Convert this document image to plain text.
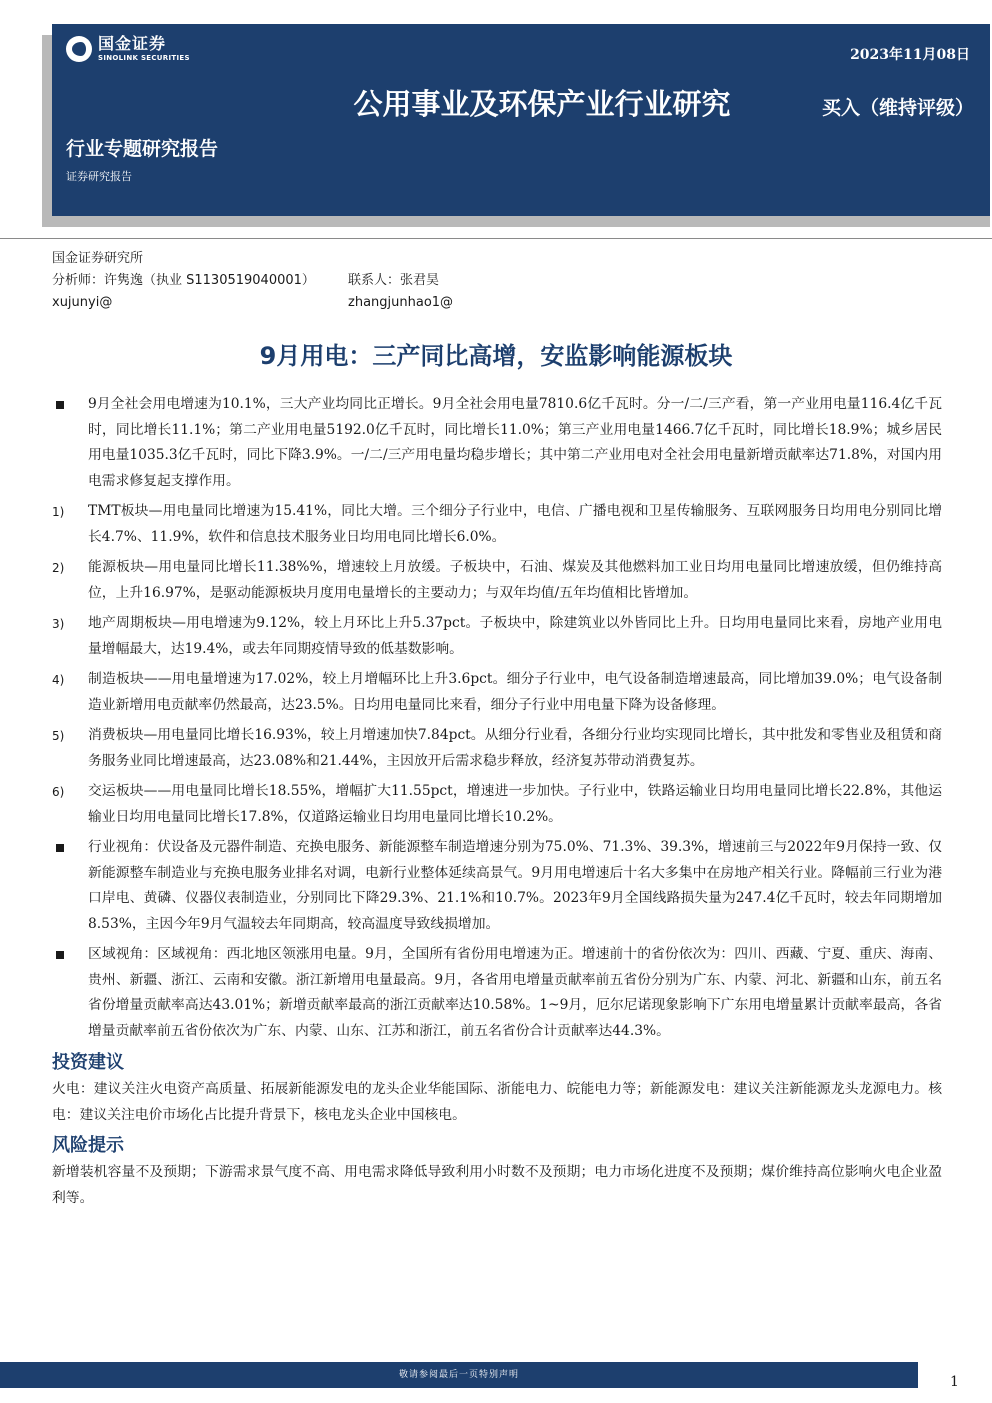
国金证券
SINOLINK SECURITIES
公用事业及环保产业行业研究
行业专题研究报告
证券研究报告
2023年11月08日
买入（维持评级）
国金证券研究所
分析师：许隽逸（执业 S1130519040001）	联系人：张君昊
xujunyi@	zhangjunhao1@
9月用电：三产同比高增，安监影响能源板块
9月全社会用电增速为10.1%，三大产业均同比正增长。9月全社会用电量7810.6亿千瓦时。分一/二/三产看，第一产业用电量116.4亿千瓦时，同比增长11.1%；第二产业用电量5192.0亿千瓦时，同比增长11.0%；第三产业用电量1466.7亿千瓦时，同比增长18.9%；城乡居民用电量1035.3亿千瓦时，同比下降3.9%。一/二/三产用电量均稳步增长；其中第二产业用电对全社会用电量新增贡献率达71.8%，对国内用电需求修复起支撑作用。
1)	TMT板块—用电量同比增速为15.41%，同比大增。三个细分子行业中，电信、广播电视和卫星传输服务、互联网服务日均用电分别同比增长4.7%、11.9%，软件和信息技术服务业日均用电同比增长6.0%。
2)	能源板块—用电量同比增长11.38%%，增速较上月放缓。子板块中，石油、煤炭及其他燃料加工业日均用电量同比增速放缓，但仍维持高位，上升16.97%，是驱动能源板块月度用电量增长的主要动力；与双年均值/五年均值相比皆增加。
3)	地产周期板块—用电增速为9.12%，较上月环比上升5.37pct。子板块中，除建筑业以外皆同比上升。日均用电量同比来看，房地产业用电量增幅最大，达19.4%，或去年同期疫情导致的低基数影响。
4)	制造板块——用电量增速为17.02%，较上月增幅环比上升3.6pct。细分子行业中，电气设备制造增速最高，同比增加39.0%；电气设备制造业新增用电贡献率仍然最高，达23.5%。日均用电量同比来看，细分子行业中用电量下降为设备修理。
5)	消费板块—用电量同比增长16.93%，较上月增速加快7.84pct。从细分行业看，各细分行业均实现同比增长，其中批发和零售业及租赁和商务服务业同比增速最高，达23.08%和21.44%，主因放开后需求稳步释放，经济复苏带动消费复苏。
6)	交运板块——用电量同比增长18.55%，增幅扩大11.55pct，增速进一步加快。子行业中，铁路运输业日均用电量同比增长22.8%，其他运输业日均用电量同比增长17.8%，仅道路运输业日均用电量同比增长10.2%。
行业视角：伏设备及元器件制造、充换电服务、新能源整车制造增速分别为75.0%、71.3%、39.3%，增速前三与2022年9月保持一致、仅新能源整车制造业与充换电服务业排名对调，电新行业整体延续高景气。9月用电增速后十名大多集中在房地产相关行业。降幅前三行业为港口岸电、黄磷、仪器仪表制造业，分别同比下降29.3%、21.1%和10.7%。2023年9月全国线路损失量为247.4亿千瓦时，较去年同期增加8.53%，主因今年9月气温较去年同期高，较高温度导致线损增加。
区域视角：区域视角：西北地区领涨用电量。9月，全国所有省份用电增速为正。增速前十的省份依次为：四川、西藏、宁夏、重庆、海南、贵州、新疆、浙江、云南和安徽。浙江新增用电量最高。9月，各省用电增量贡献率前五省份分别为广东、内蒙、河北、新疆和山东，前五名省份增量贡献率高达43.01%；新增贡献率最高的浙江贡献率达10.58%。1~9月，厄尔尼诺现象影响下广东用电增量累计贡献率最高，各省增量贡献率前五省份依次为广东、内蒙、山东、江苏和浙江，前五名省份合计贡献率达44.3%。
投资建议
火电：建议关注火电资产高质量、拓展新能源发电的龙头企业华能国际、浙能电力、皖能电力等；新能源发电：建议关注新能源龙头龙源电力。核电：建议关注电价市场化占比提升背景下，核电龙头企业中国核电。
风险提示
新增装机容量不及预期；下游需求景气度不高、用电需求降低导致利用小时数不及预期；电力市场化进度不及预期；煤价维持高位影响火电企业盈利等。
敬请参阅最后一页特别声明	1
